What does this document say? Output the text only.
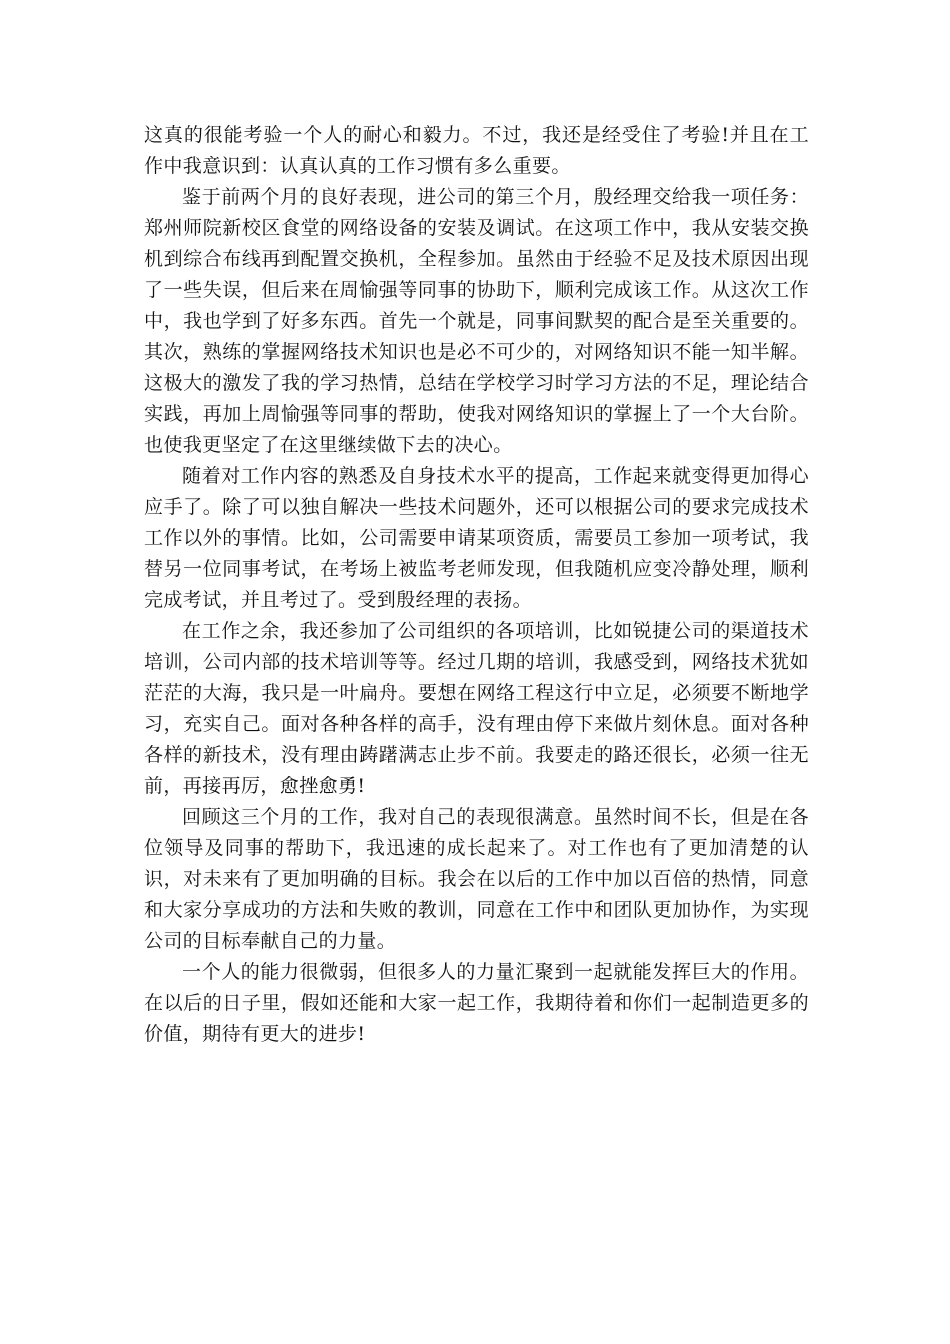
这真的很能考验一个人的耐心和毅力。不过，我还是经受住了考验!并且在工作中我意识到：认真认真的工作习惯有多么重要。

鉴于前两个月的良好表现，进公司的第三个月，殷经理交给我一项任务：郑州师院新校区食堂的网络设备的安装及调试。在这项工作中，我从安装交换机到综合布线再到配置交换机，全程参加。虽然由于经验不足及技术原因出现了一些失误，但后来在周愉强等同事的协助下，顺利完成该工作。从这次工作中，我也学到了好多东西。首先一个就是，同事间默契的配合是至关重要的。其次，熟练的掌握网络技术知识也是必不可少的，对网络知识不能一知半解。这极大的激发了我的学习热情，总结在学校学习时学习方法的不足，理论结合实践，再加上周愉强等同事的帮助，使我对网络知识的掌握上了一个大台阶。也使我更坚定了在这里继续做下去的决心。

随着对工作内容的熟悉及自身技术水平的提高，工作起来就变得更加得心应手了。除了可以独自解决一些技术问题外，还可以根据公司的要求完成技术工作以外的事情。比如，公司需要申请某项资质，需要员工参加一项考试，我替另一位同事考试，在考场上被监考老师发现，但我随机应变冷静处理，顺利完成考试，并且考过了。受到殷经理的表扬。

在工作之余，我还参加了公司组织的各项培训，比如锐捷公司的渠道技术培训，公司内部的技术培训等等。经过几期的培训，我感受到，网络技术犹如茫茫的大海，我只是一叶扁舟。要想在网络工程这行中立足，必须要不断地学习，充实自己。面对各种各样的高手，没有理由停下来做片刻休息。面对各种各样的新技术，没有理由踌躇满志止步不前。我要走的路还很长，必须一往无前，再接再厉，愈挫愈勇!

回顾这三个月的工作，我对自己的表现很满意。虽然时间不长，但是在各位领导及同事的帮助下，我迅速的成长起来了。对工作也有了更加清楚的认识，对未来有了更加明确的目标。我会在以后的工作中加以百倍的热情，同意和大家分享成功的方法和失败的教训，同意在工作中和团队更加协作，为实现公司的目标奉献自己的力量。

一个人的能力很微弱，但很多人的力量汇聚到一起就能发挥巨大的作用。在以后的日子里，假如还能和大家一起工作，我期待着和你们一起制造更多的价值，期待有更大的进步!
